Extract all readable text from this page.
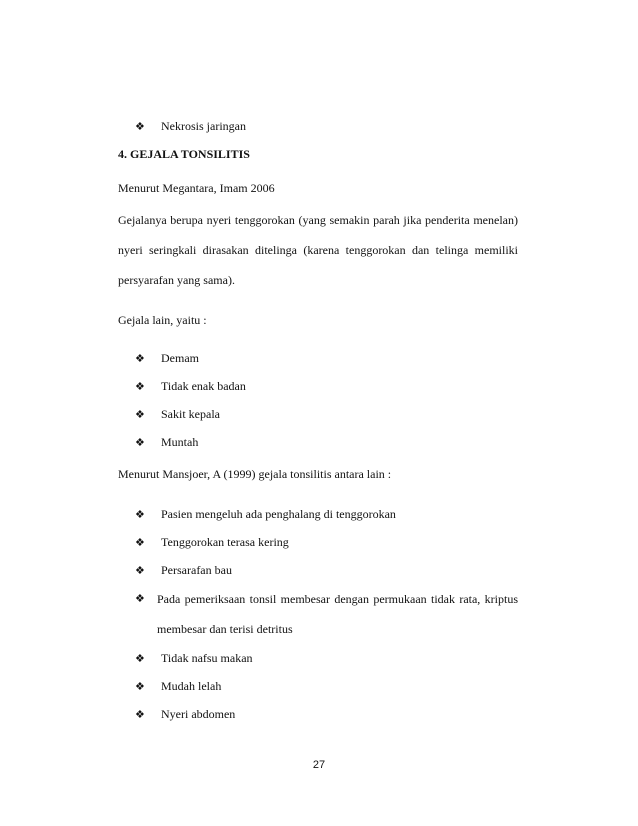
❖ Nekrosis jaringan
4. GEJALA TONSILITIS
Menurut Megantara, Imam 2006
Gejalanya berupa nyeri tenggorokan (yang semakin parah jika penderita menelan)
nyeri seringkali dirasakan ditelinga (karena tenggorokan dan telinga memiliki
persyarafan yang sama).
Gejala lain, yaitu :
❖ Demam
❖ Tidak enak badan
❖ Sakit kepala
❖ Muntah
Menurut Mansjoer, A (1999) gejala tonsilitis antara lain :
❖ Pasien mengeluh ada penghalang di tenggorokan
❖ Tenggorokan terasa kering
❖ Persarafan bau
❖	Pada pemeriksaan tonsil membesar dengan permukaan tidak rata, kriptus
membesar dan terisi detritus
❖ Tidak nafsu makan
❖ Mudah lelah
❖ Nyeri abdomen
27
